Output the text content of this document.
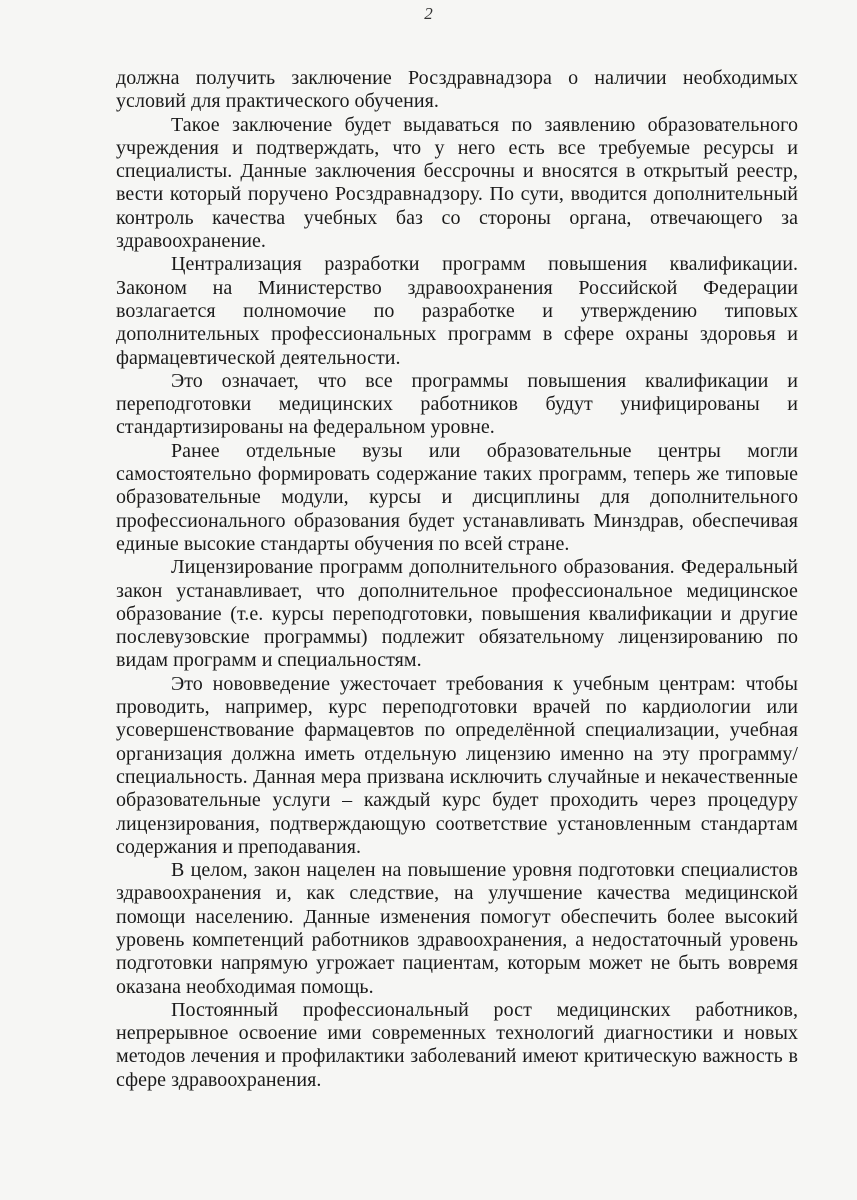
2

должна получить заключение Росздравнадзора о наличии необходимых условий для практического обучения.

Такое заключение будет выдаваться по заявлению образовательного учреждения и подтверждать, что у него есть все требуемые ресурсы и специалисты. Данные заключения бессрочны и вносятся в открытый реестр, вести который поручено Росздравнадзору. По сути, вводится дополнительный контроль качества учебных баз со стороны органа, отвечающего за здравоохранение.

Централизация разработки программ повышения квалификации. Законом на Министерство здравоохранения Российской Федерации возлагается полномочие по разработке и утверждению типовых дополнительных профессиональных программ в сфере охраны здоровья и фармацевтической деятельности.

Это означает, что все программы повышения квалификации и переподготовки медицинских работников будут унифицированы и стандартизированы на федеральном уровне.

Ранее отдельные вузы или образовательные центры могли самостоятельно формировать содержание таких программ, теперь же типовые образовательные модули, курсы и дисциплины для дополнительного профессионального образования будет устанавливать Минздрав, обеспечивая единые высокие стандарты обучения по всей стране.

Лицензирование программ дополнительного образования. Федеральный закон устанавливает, что дополнительное профессиональное медицинское образование (т.е. курсы переподготовки, повышения квалификации и другие послевузовские программы) подлежит обязательному лицензированию по видам программ и специальностям.

Это нововведение ужесточает требования к учебным центрам: чтобы проводить, например, курс переподготовки врачей по кардиологии или усовершенствование фармацевтов по определённой специализации, учебная организация должна иметь отдельную лицензию именно на эту программу/специальность. Данная мера призвана исключить случайные и некачественные образовательные услуги – каждый курс будет проходить через процедуру лицензирования, подтверждающую соответствие установленным стандартам содержания и преподавания.

В целом, закон нацелен на повышение уровня подготовки специалистов здравоохранения и, как следствие, на улучшение качества медицинской помощи населению. Данные изменения помогут обеспечить более высокий уровень компетенций работников здравоохранения, а недостаточный уровень подготовки напрямую угрожает пациентам, которым может не быть вовремя оказана необходимая помощь.

Постоянный профессиональный рост медицинских работников, непрерывное освоение ими современных технологий диагностики и новых методов лечения и профилактики заболеваний имеют критическую важность в сфере здравоохранения.
